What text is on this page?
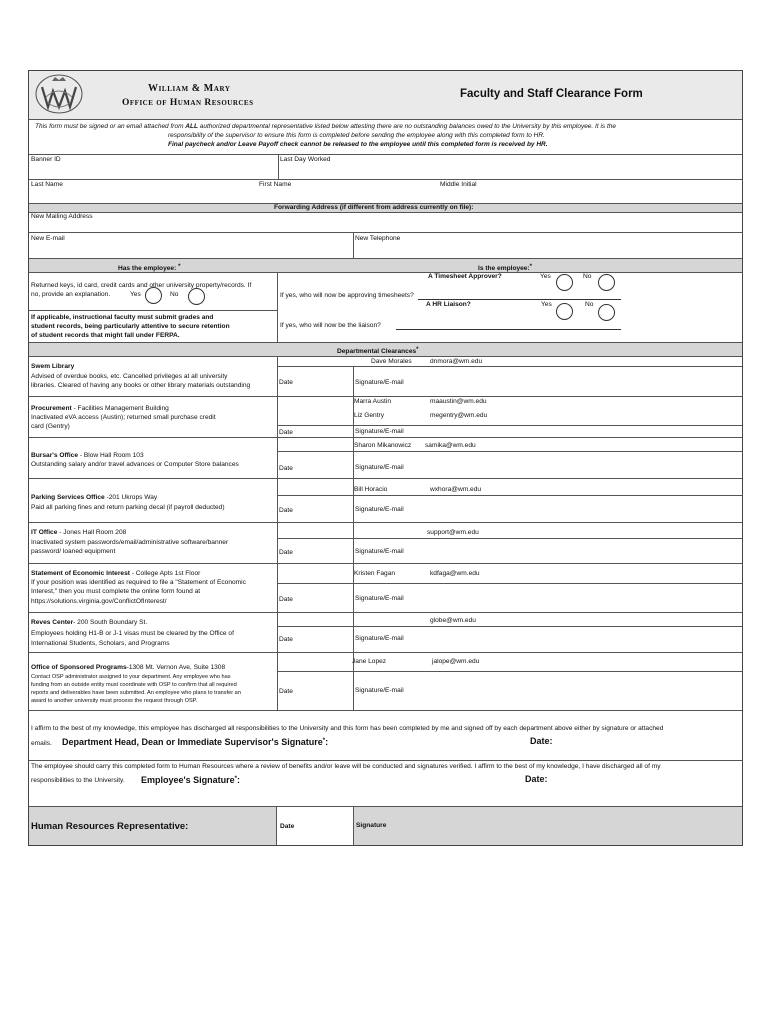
William & Mary
Office of Human Resources
Faculty and Staff Clearance Form
This form must be signed or an email attached from ALL authorized departmental representative listed below attesting there are no outstanding balances owed to the University by this employee. It is the
responsibility of the supervisor to ensure this form is completed before sending the employee along with this completed form to HR.
Final paycheck and/or Leave Payoff check cannot be released to the employee until this completed form is received by HR.
Banner ID	Last Day Worked
Last Name	First Name	Middle Initial
Forwarding Address (if different from address currently on file):
New Mailing Address
New E-mail	New Telephone
Has the employee: *	Is the employee:*
Returned keys, id card, credit cards and other university property/records. If
no, provide an explanation.	Yes	No
If applicable, instructional faculty must submit grades and
student records, being particularly attentive to secure retention
of student records that might fall under FERPA.
A Timesheet Approver?	Yes	No
If yes, who will now be approving timesheets?
A HR Liaison?	Yes	No
If yes, who will now be the liaison?
Departmental Clearances*
Dave Morales	dnmora@wm.edu
Swem Library
Advised of overdue books, etc. Cancelled privileges at all university
libraries. Cleared of having any books or other library materials outstanding	Date	Signature/E-mail
Marra Austin	maaustin@wm.edu
Liz Gentry	megentry@wm.edu
Procurement - Facilities Management Building
Inactivated eVA access (Austin); returned small purchase credit
card (Gentry)
Date	Signature/E-mail
Sharon Mikanowicz samika@wm.edu
Bursar's Office - Blow Hall Room 103
Outstanding salary and/or travel advances or Computer Store balances
Date	Signature/E-mail
Bill Horacio	wxhora@wm.edu
Parking Services Office -201 Ukrops Way
Paid all parking fines and return parking decal (if payroll deducted)	Date	Signature/E-mail
support@wm.edu
IT Office - Jones Hall Room 208
Inactivated system passwords/email/administrative software/banner
password/ loaned equipment	Date	Signature/E-mail
Kristen Fagan	kdfaga@wm.edu
Statement of Economic Interest - College Apts 1st Floor
If your position was identified as required to file a "Statement of Economic
Interest," then you must complete the online form found at
https://solutions.virginia.gov/ConflictOfInterest/	Date	Signature/E-mail
globe@wm.edu
Reves Center- 200 South Boundary St.
Employees holding H1-B or J-1 visas must be cleared by the Office of
International Students, Scholars, and Programs
Date	Signature/E-mail
Jane Lopez	jalope@wm.edu
Office of Sponsored Programs-1308 Mt. Vernon Ave, Suite 1308
Contact OSP administrator assigned to your department. Any employee who has
funding from an outside entity must coordinate with OSP to confirm that all required
reports and deliverables have been submitted. An employee who plans to transfer an
award to another university must process the request through OSP.
Date	Signature/E-mail
I affirm to the best of my knowledge, this employee has discharged all responsibilities to the University and this form has been completed by me and signed off by each department above either by signature or attached
emails. Department Head, Dean or Immediate Supervisor's Signature*:	Date:
The employee should carry this completed form to Human Resources where a review of benefits and/or leave will be conducted and signatures verified. I affirm to the best of my knowledge, I have discharged all of my
responsibilities to the University. Employee's Signature*:	Date:
Human Resources Representative:	Date	Signature
